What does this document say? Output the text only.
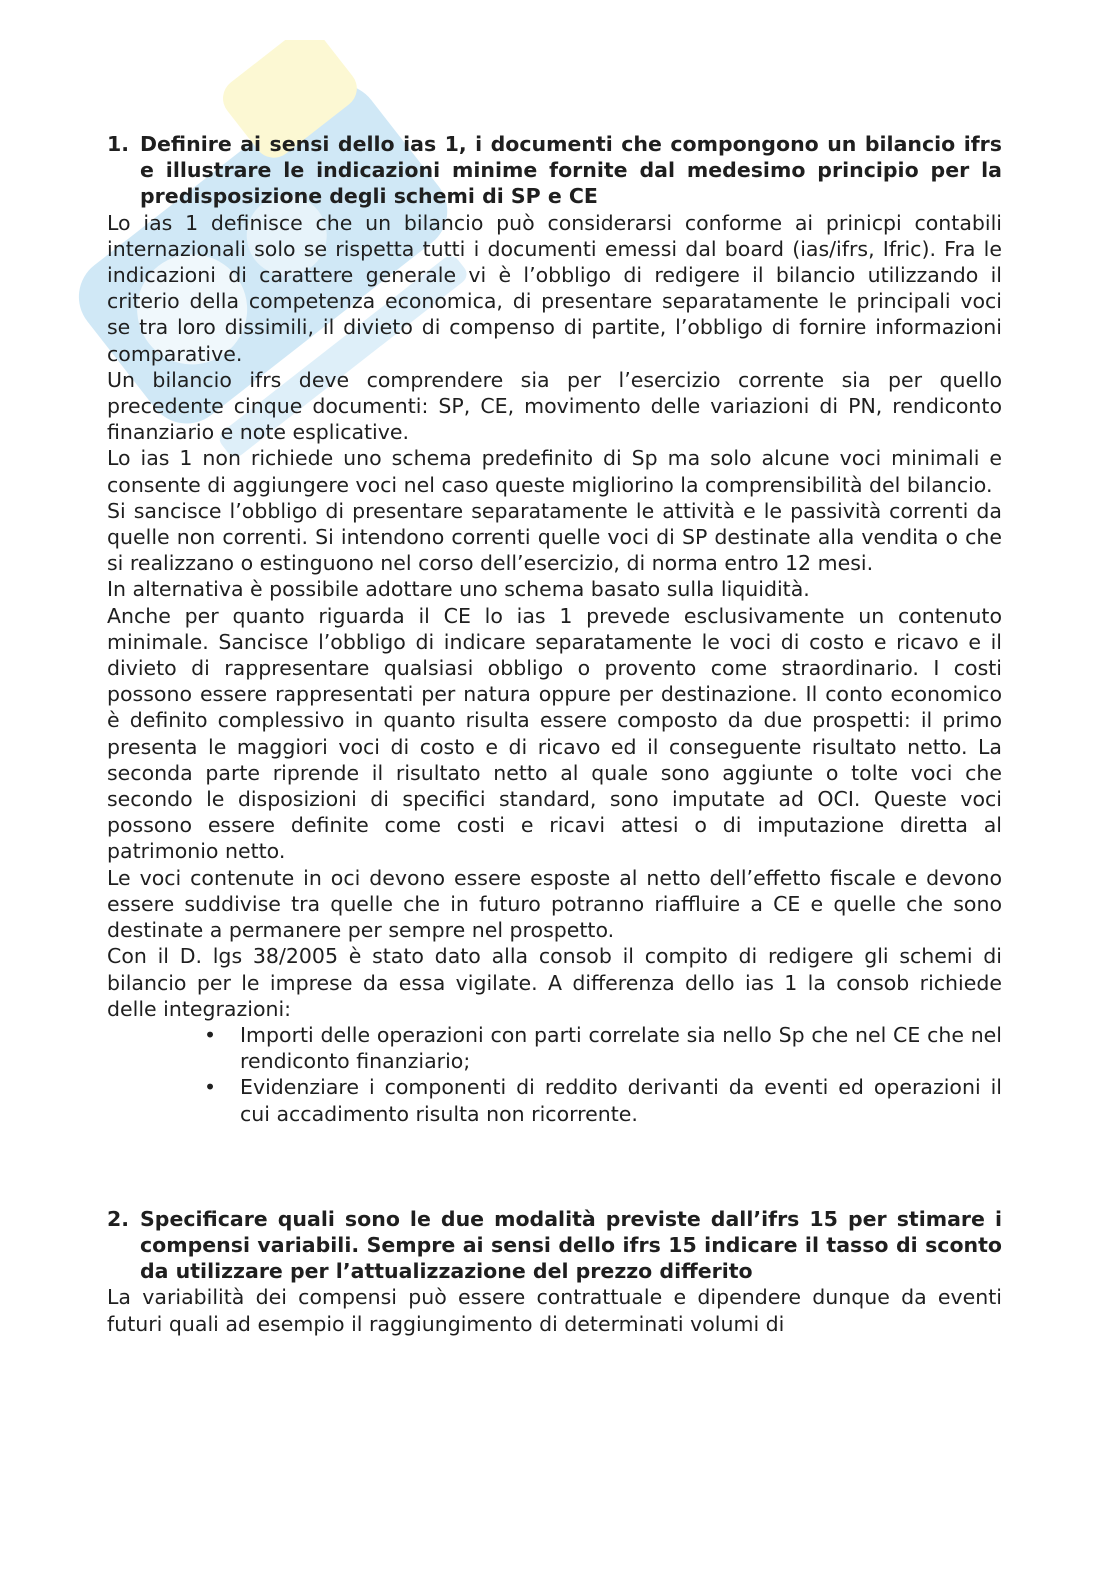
1. Definire ai sensi dello ias 1, i documenti che compongono un bilancio ifrs e illustrare le indicazioni minime fornite dal medesimo principio per la predisposizione degli schemi di SP e CE

Lo ias 1 definisce che un bilancio può considerarsi conforme ai prinicpi contabili internazionali solo se rispetta tutti i documenti emessi dal board (ias/ifrs, Ifric). Fra le indicazioni di carattere generale vi è l’obbligo di redigere il bilancio utilizzando il criterio della competenza economica, di presentare separatamente le principali voci se tra loro dissimili, il divieto di compenso di partite, l’obbligo di fornire informazioni comparative.

Un bilancio ifrs deve comprendere sia per l’esercizio corrente sia per quello precedente cinque documenti: SP, CE, movimento delle variazioni di PN, rendiconto finanziario e note esplicative.

Lo ias 1 non richiede uno schema predefinito di Sp ma solo alcune voci minimali e consente di aggiungere voci nel caso queste migliorino la comprensibilità del bilancio.

Si sancisce l’obbligo di presentare separatamente le attività e le passività correnti da quelle non correnti. Si intendono correnti quelle voci di SP destinate alla vendita o che si realizzano o estinguono nel corso dell’esercizio, di norma entro 12 mesi.

In alternativa è possibile adottare uno schema basato sulla liquidità.

Anche per quanto riguarda il CE lo ias 1 prevede esclusivamente un contenuto minimale. Sancisce l’obbligo di indicare separatamente le voci di costo e ricavo e il divieto di rappresentare qualsiasi obbligo o provento come straordinario. I costi possono essere rappresentati per natura oppure per destinazione. Il conto economico è definito complessivo in quanto risulta essere composto da due prospetti: il primo presenta le maggiori voci di costo e di ricavo ed il conseguente risultato netto. La seconda parte riprende il risultato netto al quale sono aggiunte o tolte voci che secondo le disposizioni di specifici standard, sono imputate ad OCI. Queste voci possono essere definite come costi e ricavi attesi o di imputazione diretta al patrimonio netto.

Le voci contenute in oci devono essere esposte al netto dell’effetto fiscale e devono essere suddivise tra quelle che in futuro potranno riaffluire a CE e quelle che sono destinate a permanere per sempre nel prospetto.

Con il D. lgs 38/2005 è stato dato alla consob il compito di redigere gli schemi di bilancio per le imprese da essa vigilate. A differenza dello ias 1 la consob richiede delle integrazioni:

• Importi delle operazioni con parti correlate sia nello Sp che nel CE che nel rendiconto finanziario;
• Evidenziare i componenti di reddito derivanti da eventi ed operazioni il cui accadimento risulta non ricorrente.
2. Specificare quali sono le due modalità previste dall’ifrs 15 per stimare i compensi variabili. Sempre ai sensi dello ifrs 15 indicare il tasso di sconto da utilizzare per l’attualizzazione del prezzo differito

La variabilità dei compensi può essere contrattuale e dipendere dunque da eventi futuri quali ad esempio il raggiungimento di determinati volumi di
